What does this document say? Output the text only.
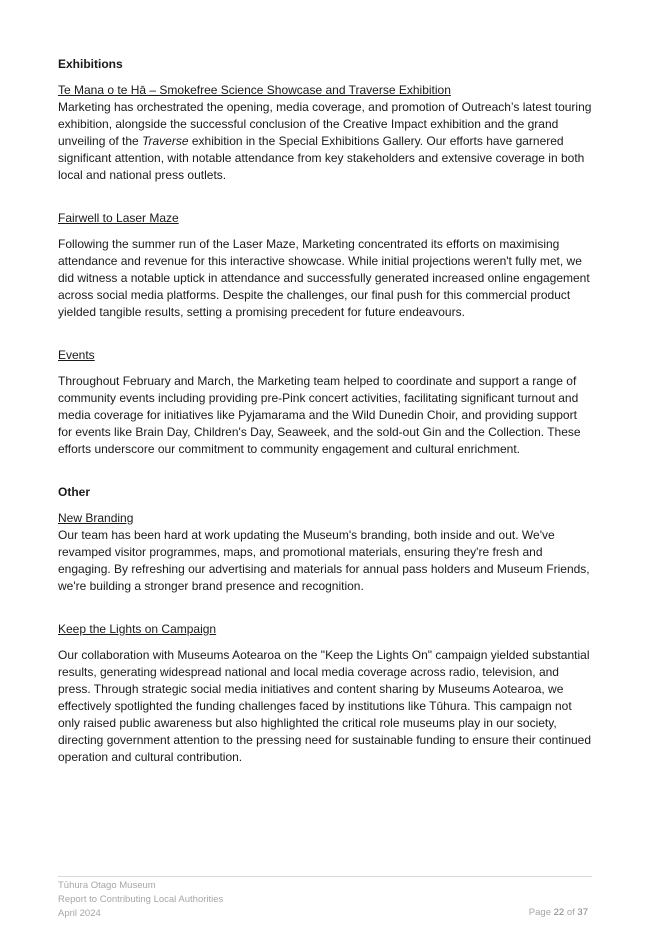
Exhibitions

Te Mana o te Hā – Smokefree Science Showcase and Traverse Exhibition

Marketing has orchestrated the opening, media coverage, and promotion of Outreach’s latest touring exhibition, alongside the successful conclusion of the Creative Impact exhibition and the grand unveiling of the Traverse exhibition in the Special Exhibitions Gallery. Our efforts have garnered significant attention, with notable attendance from key stakeholders and extensive coverage in both local and national press outlets.

Fairwell to Laser Maze

Following the summer run of the Laser Maze, Marketing concentrated its efforts on maximising attendance and revenue for this interactive showcase. While initial projections weren't fully met, we did witness a notable uptick in attendance and successfully generated increased online engagement across social media platforms. Despite the challenges, our final push for this commercial product yielded tangible results, setting a promising precedent for future endeavours.

Events

Throughout February and March, the Marketing team helped to coordinate and support a range of community events including providing pre-Pink concert activities, facilitating significant turnout and media coverage for initiatives like Pyjamarama and the Wild Dunedin Choir, and providing support for events like Brain Day, Children's Day, Seaweek, and the sold-out Gin and the Collection. These efforts underscore our commitment to community engagement and cultural enrichment.

Other

New Branding

Our team has been hard at work updating the Museum's branding, both inside and out. We've revamped visitor programmes, maps, and promotional materials, ensuring they're fresh and engaging. By refreshing our advertising and materials for annual pass holders and Museum Friends, we're building a stronger brand presence and recognition.

Keep the Lights on Campaign

Our collaboration with Museums Aotearoa on the "Keep the Lights On" campaign yielded substantial results, generating widespread national and local media coverage across radio, television, and press. Through strategic social media initiatives and content sharing by Museums Aotearoa, we effectively spotlighted the funding challenges faced by institutions like Tūhura. This campaign not only raised public awareness but also highlighted the critical role museums play in our society, directing government attention to the pressing need for sustainable funding to ensure their continued operation and cultural contribution.

Tūhura Otago Museum
Report to Contributing Local Authorities
April 2024	Page 22 of 37
